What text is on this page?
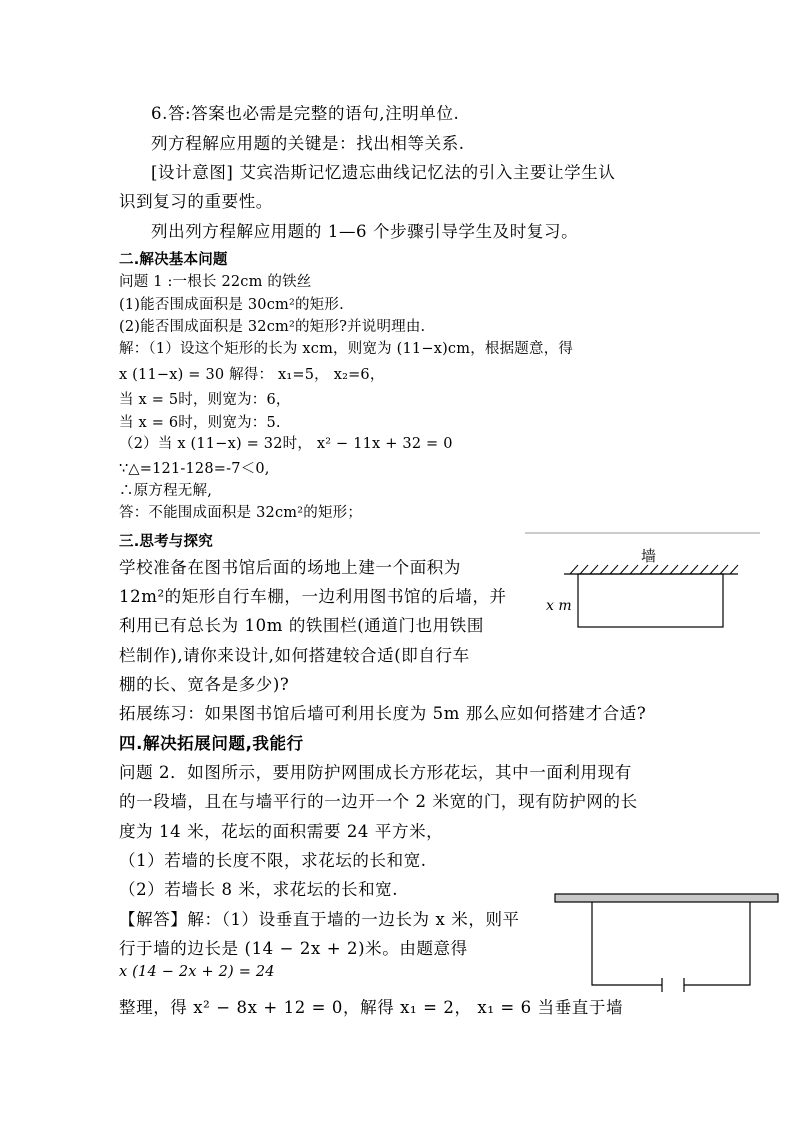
6.答:答案也必需是完整的语句,注明单位.
列方程解应用题的关键是：找出相等关系.
[设计意图] 艾宾浩斯记忆遗忘曲线记忆法的引入主要让学生认
识到复习的重要性。
列出列方程解应用题的 1—6 个步骤引导学生及时复习。
二.解决基本问题
问题 1 :一根长 22cm 的铁丝
(1)能否围成面积是 30cm²的矩形.
(2)能否围成面积是 32cm²的矩形?并说明理由.
解：（1）设这个矩形的长为 xcm，则宽为 (11−x)cm，根据题意，得
x (11−x) = 30 解得： x₁=5， x₂=6，
当 x = 5时，则宽为：6，
当 x = 6时，则宽为：5.
（2）当 x (11−x) = 32时， x² − 11x + 32 = 0
∵△=121-128=-7＜0,
∴原方程无解,
答：不能围成面积是 32cm²的矩形；
三.思考与探究
学校准备在图书馆后面的场地上建一个面积为
12m²的矩形自行车棚，一边利用图书馆的后墙，并
利用已有总长为 10m 的铁围栏(通道门也用铁围
栏制作),请你来设计,如何搭建较合适(即自行车
棚的长、宽各是多少)?
拓展练习：如果图书馆后墙可利用长度为 5m 那么应如何搭建才合适?
四.解决拓展问题,我能行
问题 2．如图所示，要用防护网围成长方形花坛，其中一面利用现有
的一段墙，且在与墙平行的一边开一个 2 米宽的门，现有防护网的长
度为 14 米，花坛的面积需要 24 平方米，
（1）若墙的长度不限，求花坛的长和宽.
（2）若墙长 8 米，求花坛的长和宽.
【解答】解：（1）设垂直于墙的一边长为 x 米，则平
行于墙的边长是 (14 − 2x + 2)米。由题意得
x (14 − 2x + 2) = 24
整理，得 x² − 8x + 12 = 0，解得 x₁ = 2， x₁ = 6 当垂直于墙
墙
x m
